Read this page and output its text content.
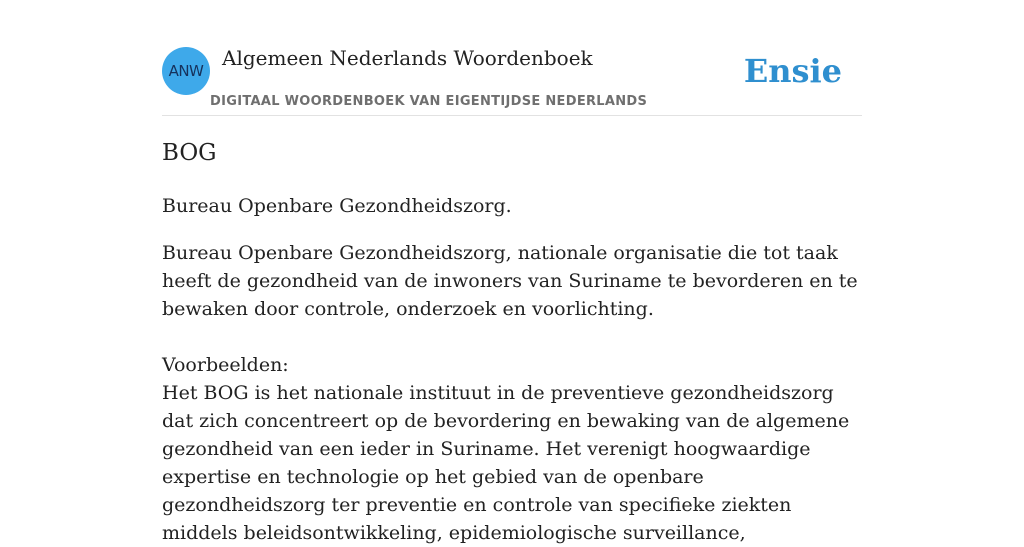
ANW
Algemeen Nederlands Woordenboek
DIGITAAL WOORDENBOEK VAN EIGENTIJDSE NEDERLANDS
Ensie
BOG

Bureau Openbare Gezondheidszorg.

Bureau Openbare Gezondheidszorg, nationale organisatie die tot taak heeft de gezondheid van de inwoners van Suriname te bevorderen en te bewaken door controle, onderzoek en voorlichting.

Voorbeelden:

Het BOG is het nationale instituut in de preventieve gezondheidszorg dat zich concentreert op de bevordering en bewaking van de algemene gezondheid van een ieder in Suriname. Het verenigt hoogwaardige expertise en technologie op het gebied van de openbare gezondheidszorg ter preventie en controle van specifieke ziekten middels beleidsontwikkeling, epidemiologische surveillance,
